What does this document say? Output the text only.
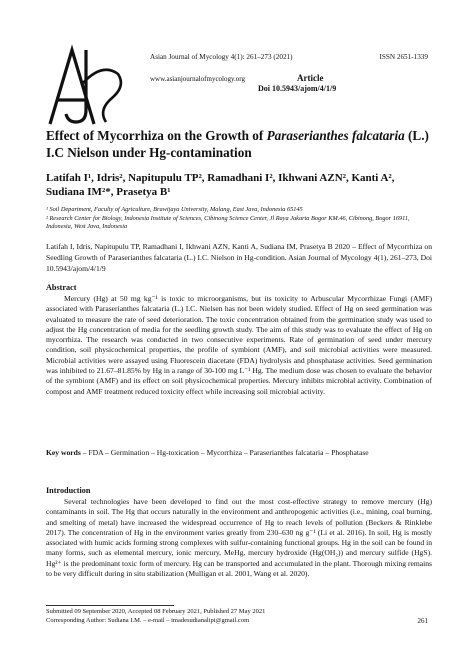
Asian Journal of Mycology 4(1): 261–273 (2021)	ISSN 2651-1339
www.asianjournalofmycology.org	Article
Doi 10.5943/ajom/4/1/9
Effect of Mycorrhiza on the Growth of Paraserianthes falcataria (L.) I.C Nielson under Hg-contamination
Latifah I¹, Idris², Napitupulu TP², Ramadhani I², Ikhwani AZN², Kanti A², Sudiana IM²*, Prasetya B¹
¹ Soil Department, Faculty of Agriculture, Brawijaya University, Malang, East Java, Indonesia 65145
² Research Center for Biology, Indonesia Institute of Sciences, Cibinong Science Center, Jl Raya Jakarta Bogor KM.46, Cibinong, Bogor 16911, Indonesia, West Java, Indonesia
Latifah I, Idris, Napitupulu TP, Ramadhani I, Ikhwani AZN, Kanti A, Sudiana IM, Prasetya B 2020 – Effect of Mycorrhiza on Seedling Growth of Paraserianthes falcataria (L.) I.C. Nielson in Hg-condition. Asian Journal of Mycology 4(1), 261–273, Doi 10.5943/ajom/4/1/9
Abstract
Mercury (Hg) at 50 mg kg⁻¹ is toxic to microorganisms, but its toxicity to Arbuscular Mycorrhizae Fungi (AMF) associated with Paraserianthes falcataria (L.) I.C. Nielsen has not been widely studied. Effect of Hg on seed germination was evaluated to measure the rate of seed deterioration. The toxic concentration obtained from the germination study was used to adjust the Hg concentration of media for the seedling growth study. The aim of this study was to evaluate the effect of Hg on mycorrhiza. The research was conducted in two consecutive experiments. Rate of germination of seed under mercury condition, soil physicochemical properties, the profile of symbiont (AMF), and soil microbial activities were measured. Microbial activities were assayed using Fluorescein diacetate (FDA) hydrolysis and phosphatase activities. Seed germination was inhibited to 21.67–81.85% by Hg in a range of 30-100 mg L⁻¹ Hg. The medium dose was chosen to evaluate the behavior of the symbiont (AMF) and its effect on soil physicochemical properties. Mercury inhibits microbial activity. Combination of compost and AMF treatment reduced toxicity effect while increasing soil microbial activity.
Key words – FDA – Germination – Hg-toxication – Mycorrhiza – Paraserianthes falcataria – Phosphatase
Introduction
Several technologies have been developed to find out the most cost-effective strategy to remove mercury (Hg) contaminants in soil. The Hg that occurs naturally in the environment and anthropogenic activities (i.e., mining, coal burning, and smelting of metal) have increased the widespread occurrence of Hg to reach levels of pollution (Beckers & Rinklebe 2017). The concentration of Hg in the environment varies greatly from 230–630 ng g⁻¹ (Li et al. 2016). In soil, Hg is mostly associated with humic acids forming strong complexes with sulfur-containing functional groups. Hg in the soil can be found in many forms, such as elemental mercury, ionic mercury, MeHg, mercury hydroxide (Hg(OH₂)) and mercury sulfide (HgS). Hg²⁺ is the predominant toxic form of mercury. Hg can be transported and accumulated in the plant. Thorough mixing remains to be very difficult during in situ stabilization (Mulligan et al. 2001, Wang et al. 2020).
Submitted 09 September 2020, Accepted 08 February 2021, Published 27 May 2021
Corresponding Author: Sudiana I.M. – e-mail – imadesudianalipi@gmail.com	261
